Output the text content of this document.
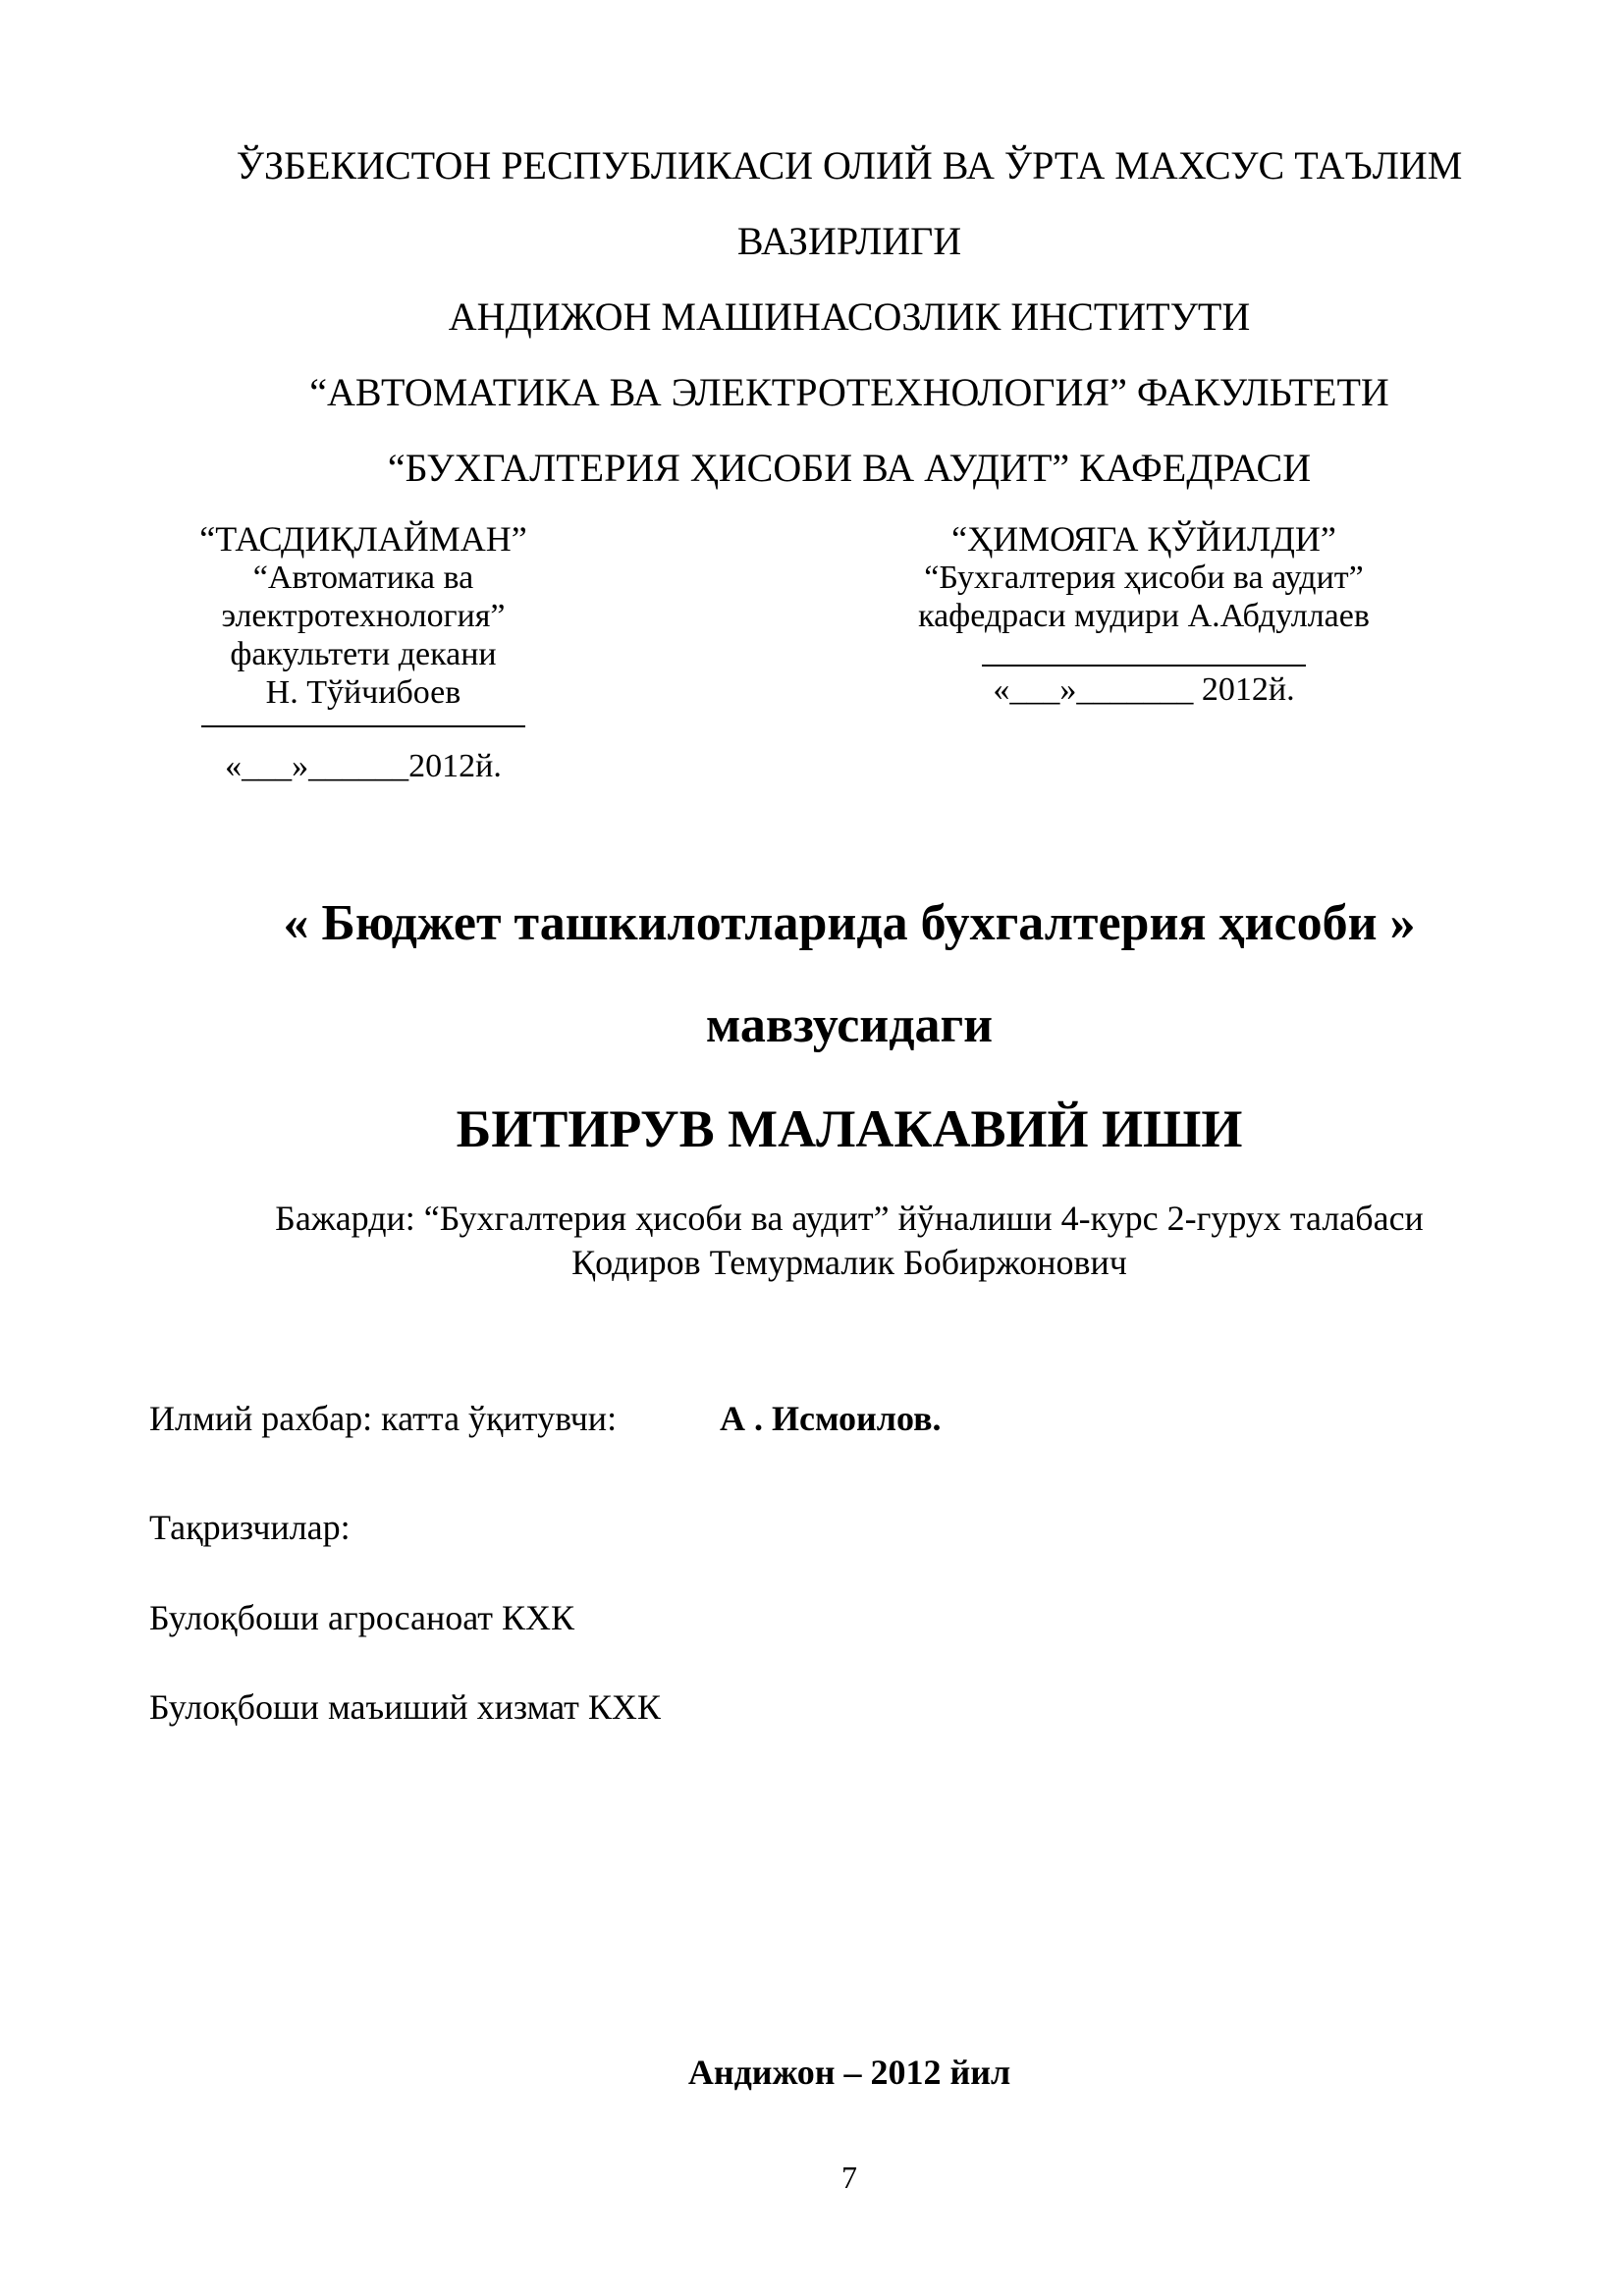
ЎЗБЕКИСТОН РЕСПУБЛИКАСИ ОЛИЙ ВА ЎРТА МАХСУС ТАЪЛИМ
ВАЗИРЛИГИ
АНДИЖОН МАШИНАСОЗЛИК ИНСТИТУТИ
“АВТОМАТИКА ВА ЭЛЕКТРОТЕХНОЛОГИЯ” ФАКУЛЬТЕТИ
“БУХГАЛТЕРИЯ ҲИСОБИ ВА АУДИТ” КАФЕДРАСИ
“ТАСДИҚЛАЙМАН”
“Автоматика ва
электротехнология”
факультети декани
Н. Тўйчибоев
«___»______2012й.
“ҲИМОЯГА ҚЎЙИЛДИ”
“Бухгалтерия ҳисоби ва аудит”
кафедраси мудири А.Абдуллаев
«___»_______ 2012й.
« Бюджет ташкилотларида бухгалтерия ҳисоби »
мавзусидаги
БИТИРУВ МАЛАКАВИЙ ИШИ
Бажарди: “Бухгалтерия ҳисоби ва аудит” йўналиши 4-курс 2-гурух талабаси
Қодиров Темурмалик Бобиржонович
Илмий рахбар: катта ўқитувчи:	А . Исмоилов.
Тақризчилар:
Булоқбоши агросаноат КХК
Булоқбоши маъиший хизмат КХК
Андижон – 2012 йил
7
